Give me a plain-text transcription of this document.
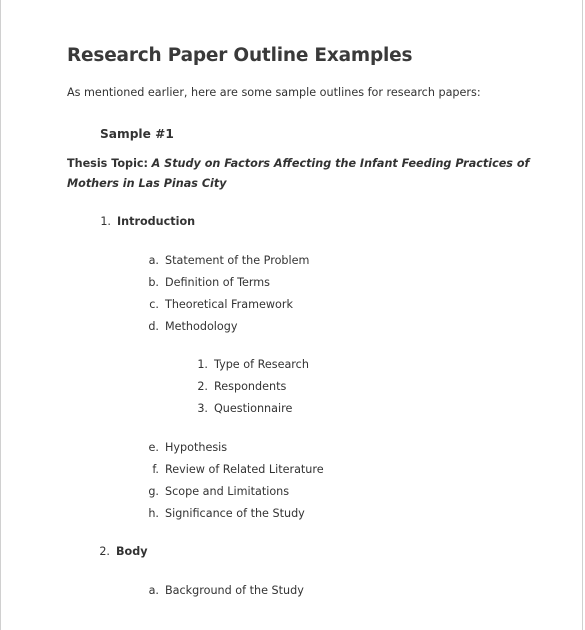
Research Paper Outline Examples
As mentioned earlier, here are some sample outlines for research papers:
Sample #1
Thesis Topic: A Study on Factors Affecting the Infant Feeding Practices of Mothers in Las Pinas City
1. Introduction
a. Statement of the Problem
b. Definition of Terms
c. Theoretical Framework
d. Methodology
1. Type of Research
2. Respondents
3. Questionnaire
e. Hypothesis
f. Review of Related Literature
g. Scope and Limitations
h. Significance of the Study
2. Body
a. Background of the Study
